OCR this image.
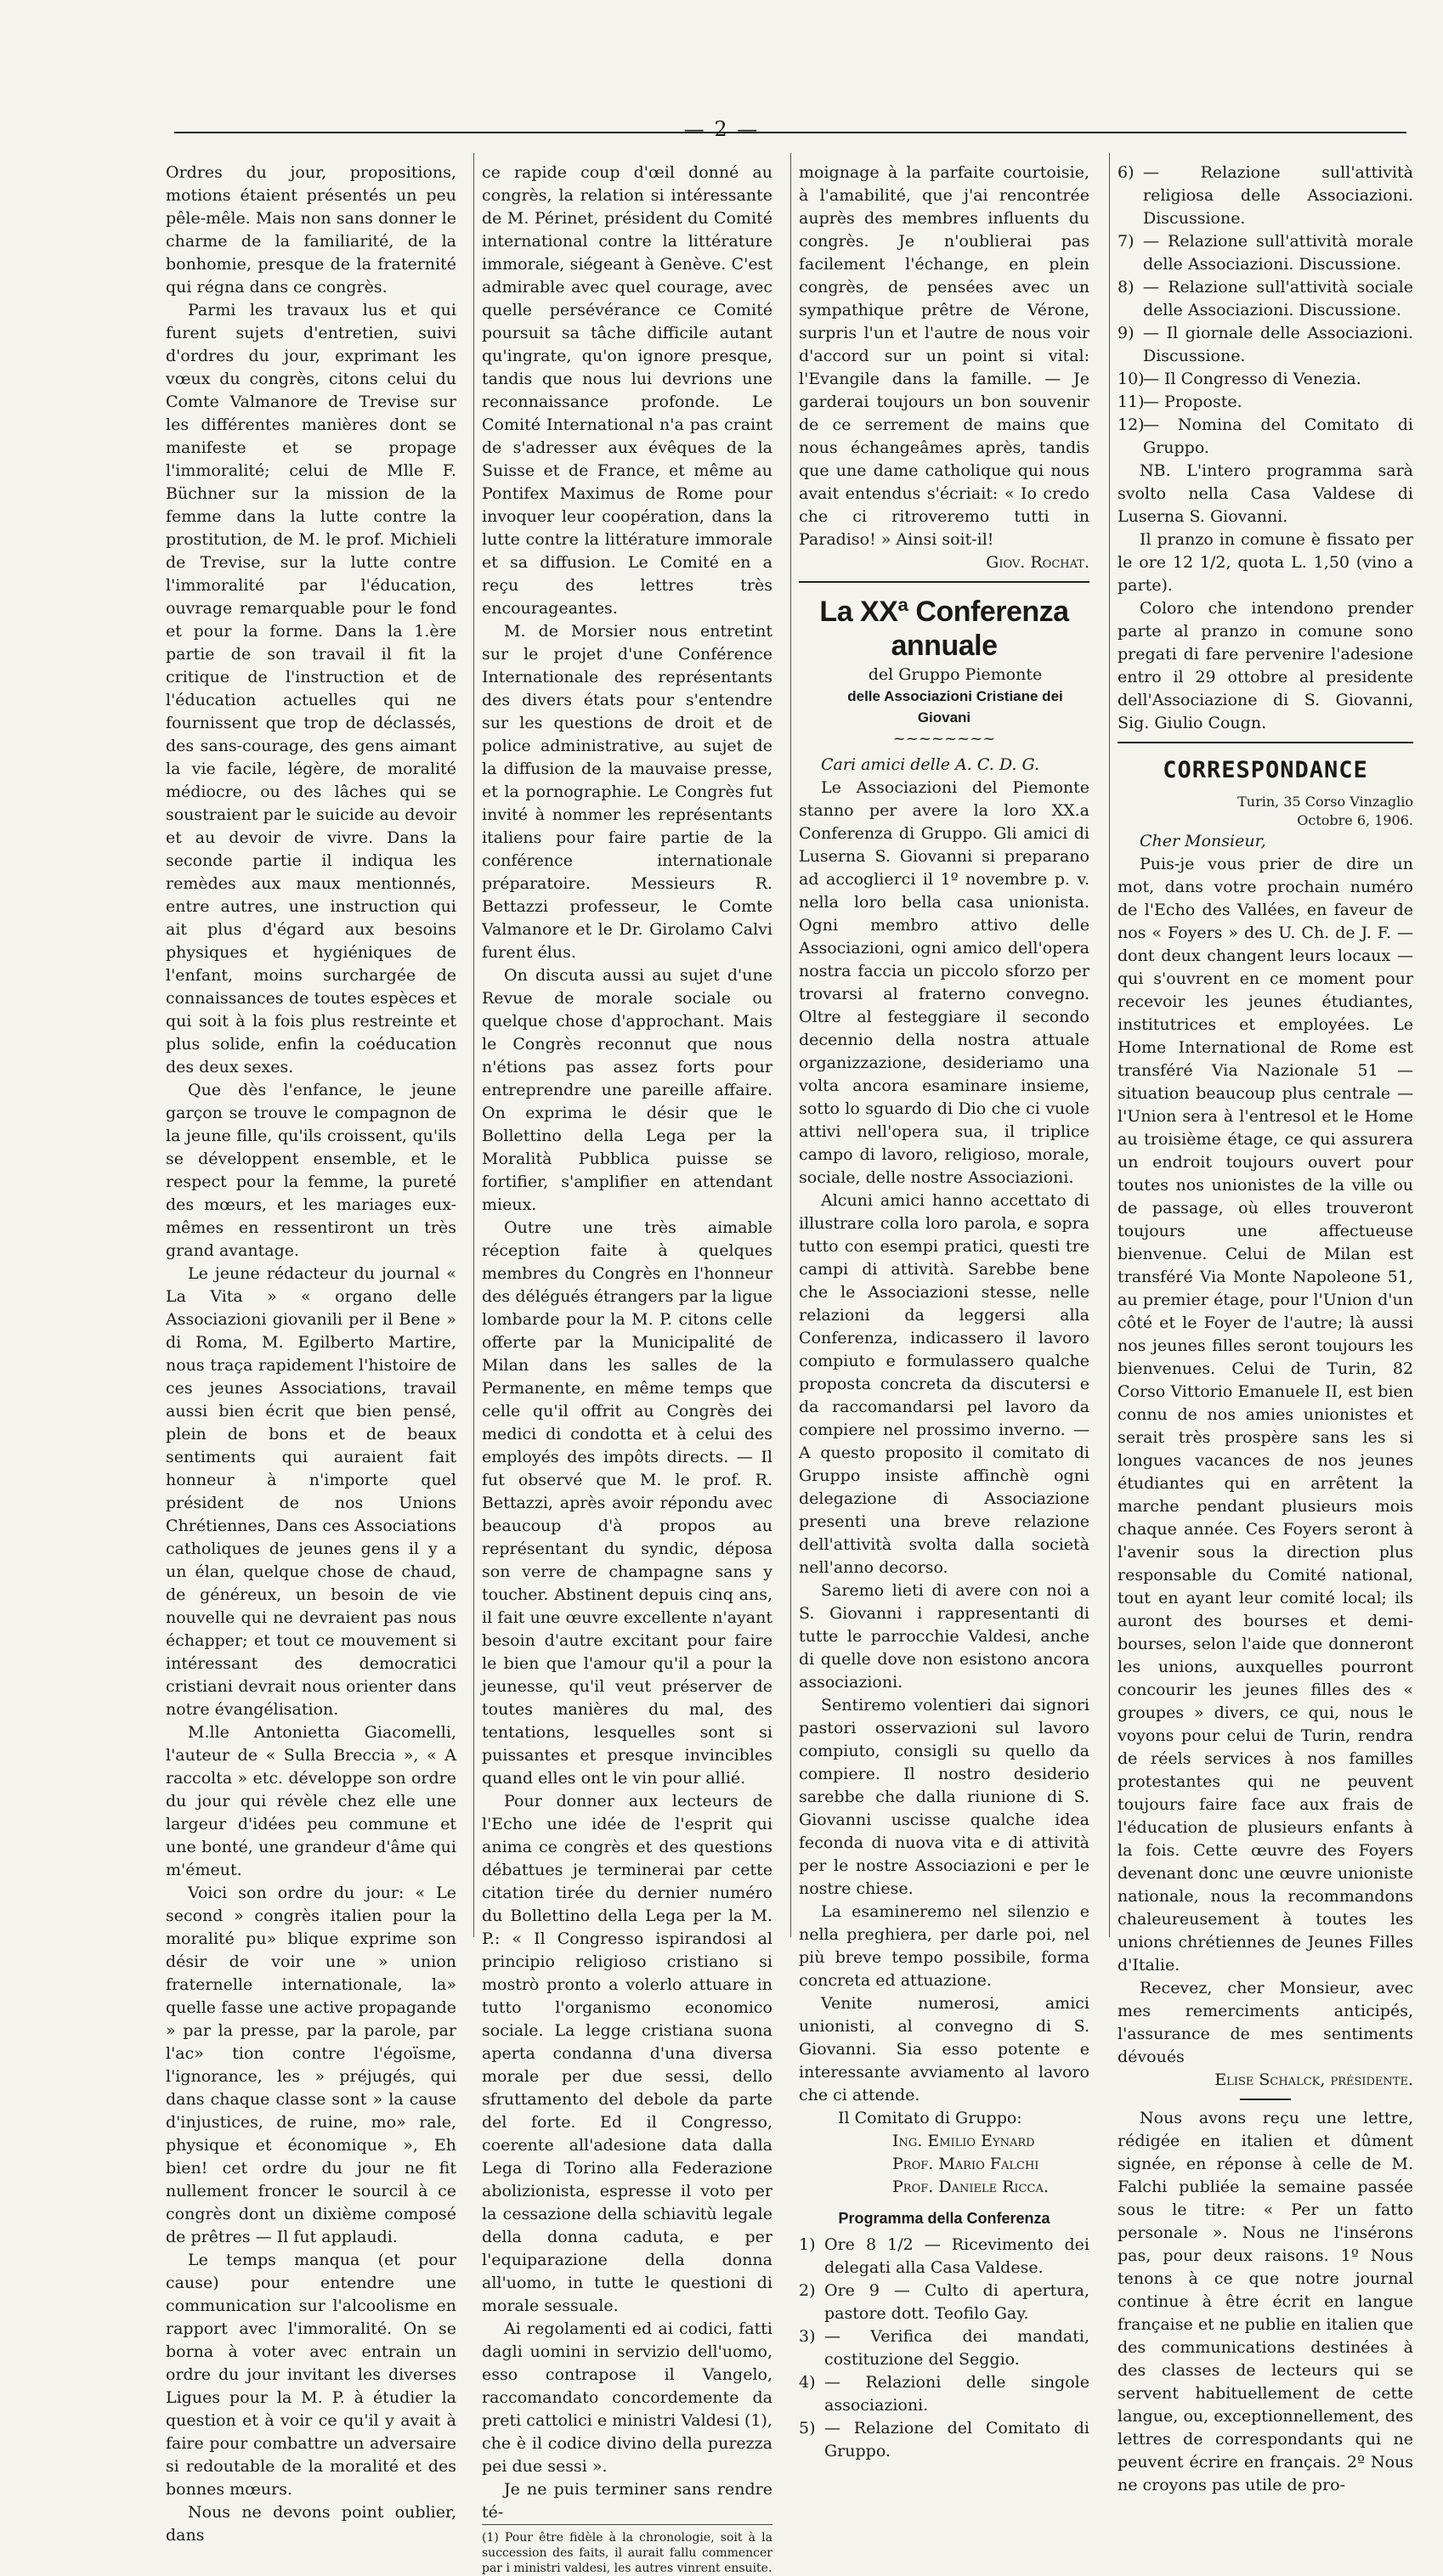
— 2 —

Ordres du jour, propositions, motions étaient présentés un peu pêle-mêle. Mais non sans donner le charme de la familiarité, de la bonhomie, presque de la fraternité qui régna dans ce congrès.

Parmi les travaux lus et qui furent sujets d'entretien, suivi d'ordres du jour, exprimant les vœux du congrès, citons celui du Comte Valmanore de Trevise sur les différentes manières dont se manifeste et se propage l'immoralité; celui de Mlle F. Büchner sur la mission de la femme dans la lutte contre la prostitution, de M. le prof. Michieli de Trevise, sur la lutte contre l'immoralité par l'éducation, ouvrage remarquable pour le fond et pour la forme. Dans la 1.ère partie de son travail il fit la critique de l'instruction et de l'éducation actuelles qui ne fournissent que trop de déclassés, des sans-courage, des gens aimant la vie facile, légère, de moralité médiocre, ou des lâches qui se soustraient par le suicide au devoir et au devoir de vivre. Dans la seconde partie il indiqua les remèdes aux maux mentionnés, entre autres, une instruction qui ait plus d'égard aux besoins physiques et hygiéniques de l'enfant, moins surchargée de connaissances de toutes espèces et qui soit à la fois plus restreinte et plus solide, enfin la coéducation des deux sexes.

Que dès l'enfance, le jeune garçon se trouve le compagnon de la jeune fille, qu'ils croissent, qu'ils se développent ensemble, et le respect pour la femme, la pureté des mœurs, et les mariages eux-mêmes en ressentiront un très grand avantage.

Le jeune rédacteur du journal « La Vita » « organo delle Associazioni giovanili per il Bene » di Roma, M. Egilberto Martire, nous traça rapidement l'histoire de ces jeunes Associations, travail aussi bien écrit que bien pensé, plein de bons et de beaux sentiments qui auraient fait honneur à n'importe quel président de nos Unions Chrétiennes, Dans ces Associations catholiques de jeunes gens il y a un élan, quelque chose de chaud, de généreux, un besoin de vie nouvelle qui ne devraient pas nous échapper; et tout ce mouvement si intéressant des democratici cristiani devrait nous orienter dans notre évangélisation.

M.lle Antonietta Giacomelli, l'auteur de « Sulla Breccia », « A raccolta » etc. développe son ordre du jour qui révèle chez elle une largeur d'idées peu commune et une bonté, une grandeur d'âme qui m'émeut.

Voici son ordre du jour: « Le second » congrès italien pour la moralité pu» blique exprime son désir de voir une » union fraternelle internationale, la» quelle fasse une active propagande » par la presse, par la parole, par l'ac» tion contre l'égoïsme, l'ignorance, les » préjugés, qui dans chaque classe sont » la cause d'injustices, de ruine, mo» rale, physique et économique », Eh bien! cet ordre du jour ne fit nullement froncer le sourcil à ce congrès dont un dixième composé de prêtres — Il fut applaudi.

Le temps manqua (et pour cause) pour entendre une communication sur l'alcoolisme en rapport avec l'immoralité. On se borna à voter avec entrain un ordre du jour invitant les diverses Ligues pour la M. P. à étudier la question et à voir ce qu'il y avait à faire pour combattre un adversaire si redoutable de la moralité et des bonnes mœurs.

Nous ne devons point oublier, dans

ce rapide coup d'œil donné au congrès, la relation si intéressante de M. Périnet, président du Comité international contre la littérature immorale, siégeant à Genève. C'est admirable avec quel courage, avec quelle persévérance ce Comité poursuit sa tâche difficile autant qu'ingrate, qu'on ignore presque, tandis que nous lui devrions une reconnaissance profonde. Le Comité International n'a pas craint de s'adresser aux évêques de la Suisse et de France, et même au Pontifex Maximus de Rome pour invoquer leur coopération, dans la lutte contre la littérature immorale et sa diffusion. Le Comité en a reçu des lettres très encourageantes.

M. de Morsier nous entretint sur le projet d'une Conférence Internationale des représentants des divers états pour s'entendre sur les questions de droit et de police administrative, au sujet de la diffusion de la mauvaise presse, et la pornographie. Le Congrès fut invité à nommer les représentants italiens pour faire partie de la conférence internationale préparatoire. Messieurs R. Bettazzi professeur, le Comte Valmanore et le Dr. Girolamo Calvi furent élus.

On discuta aussi au sujet d'une Revue de morale sociale ou quelque chose d'approchant. Mais le Congrès reconnut que nous n'étions pas assez forts pour entreprendre une pareille affaire. On exprima le désir que le Bollettino della Lega per la Moralità Pubblica puisse se fortifier, s'amplifier en attendant mieux.

Outre une très aimable réception faite à quelques membres du Congrès en l'honneur des délégués étrangers par la ligue lombarde pour la M. P. citons celle offerte par la Municipalité de Milan dans les salles de la Permanente, en même temps que celle qu'il offrit au Congrès dei medici di condotta et à celui des employés des impôts directs. — Il fut observé que M. le prof. R. Bettazzi, après avoir répondu avec beaucoup d'à propos au représentant du syndic, déposa son verre de champagne sans y toucher. Abstinent depuis cinq ans, il fait une œuvre excellente n'ayant besoin d'autre excitant pour faire le bien que l'amour qu'il a pour la jeunesse, qu'il veut préserver de toutes manières du mal, des tentations, lesquelles sont si puissantes et presque invincibles quand elles ont le vin pour allié.

Pour donner aux lecteurs de l'Echo une idée de l'esprit qui anima ce congrès et des questions débattues je terminerai par cette citation tirée du dernier numéro du Bollettino della Lega per la M. P.: « Il Congresso ispirandosi al principio religioso cristiano si mostrò pronto a volerlo attuare in tutto l'organismo economico sociale. La legge cristiana suona aperta condanna d'una diversa morale per due sessi, dello sfruttamento del debole da parte del forte. Ed il Congresso, coerente all'adesione data dalla Lega di Torino alla Federazione abolizionista, espresse il voto per la cessazione della schiavitù legale della donna caduta, e per l'equiparazione della donna all'uomo, in tutte le questioni di morale sessuale.

Ai regolamenti ed ai codici, fatti dagli uomini in servizio dell'uomo, esso contrapose il Vangelo, raccomandato concordemente da preti cattolici e ministri Valdesi (1), che è il codice divino della purezza pei due sessi ».

Je ne puis terminer sans rendre té-

(1) Pour être fidèle à la chronologie, soit à la succession des faits, il aurait fallu commencer par i ministri valdesi, les autres vinrent ensuite.

moignage à la parfaite courtoisie, à l'amabilité, que j'ai rencontrée auprès des membres influents du congrès. Je n'oublierai pas facilement l'échange, en plein congrès, de pensées avec un sympathique prêtre de Vérone, surpris l'un et l'autre de nous voir d'accord sur un point si vital: l'Evangile dans la famille. — Je garderai toujours un bon souvenir de ce serrement de mains que nous échangeâmes après, tandis que une dame catholique qui nous avait entendus s'écriait: « Io credo che ci ritroveremo tutti in Paradiso! » Ainsi soit-il!

Giov. Rochat.

La XXª Conferenza annuale

del Gruppo Piemonte

delle Associazioni Cristiane dei Giovani

~~~~~~~~

Cari amici delle A. C. D. G.

Le Associazioni del Piemonte stanno per avere la loro XX.a Conferenza di Gruppo. Gli amici di Luserna S. Giovanni si preparano ad accoglierci il 1º novembre p. v. nella loro bella casa unionista. Ogni membro attivo delle Associazioni, ogni amico dell'opera nostra faccia un piccolo sforzo per trovarsi al fraterno convegno. Oltre al festeggiare il secondo decennio della nostra attuale organizzazione, desideriamo una volta ancora esaminare insieme, sotto lo sguardo di Dio che ci vuole attivi nell'opera sua, il triplice campo di lavoro, religioso, morale, sociale, delle nostre Associazioni.

Alcuni amici hanno accettato di illustrare colla loro parola, e sopra tutto con esempi pratici, questi tre campi di attività. Sarebbe bene che le Associazioni stesse, nelle relazioni da leggersi alla Conferenza, indicassero il lavoro compiuto e formulassero qualche proposta concreta da discutersi e da raccomandarsi pel lavoro da compiere nel prossimo inverno. — A questo proposito il comitato di Gruppo insiste affinchè ogni delegazione di Associazione presenti una breve relazione dell'attività svolta dalla società nell'anno decorso.

Saremo lieti di avere con noi a S. Giovanni i rappresentanti di tutte le parrocchie Valdesi, anche di quelle dove non esistono ancora associazioni.

Sentiremo volentieri dai signori pastori osservazioni sul lavoro compiuto, consigli su quello da compiere. Il nostro desiderio sarebbe che dalla riunione di S. Giovanni uscisse qualche idea feconda di nuova vita e di attività per le nostre Associazioni e per le nostre chiese.

La esamineremo nel silenzio e nella preghiera, per darle poi, nel più breve tempo possibile, forma concreta ed attuazione.

Venite numerosi, amici unionisti, al convegno di S. Giovanni. Sia esso potente e interessante avviamento al lavoro che ci attende.

Il Comitato di Gruppo:

Ing. Emilio Eynard

Prof. Mario Falchi

Prof. Daniele Ricca.

Programma della Conferenza

1) Ore 8 1/2 — Ricevimento dei delegati alla Casa Valdese.

2) Ore 9 — Culto di apertura, pastore dott. Teofilo Gay.

3) — Verifica dei mandati, costituzione del Seggio.

4) — Relazioni delle singole associazioni.

5) — Relazione del Comitato di Gruppo.

6) — Relazione sull'attività religiosa delle Associazioni. Discussione.

7) — Relazione sull'attività morale delle Associazioni. Discussione.

8) — Relazione sull'attività sociale delle Associazioni. Discussione.

9) — Il giornale delle Associazioni. Discussione.

10)
— Il Congresso di Venezia.

11)
— Proposte.

12)
— Nomina del Comitato di Gruppo.

NB. L'intero programma sarà svolto nella Casa Valdese di Luserna S. Giovanni.

Il pranzo in comune è fissato per le ore 12 1/2, quota L. 1,50 (vino a parte).

Coloro che intendono prender parte al pranzo in comune sono pregati di fare pervenire l'adesione entro il 29 ottobre al presidente dell'Associazione di S. Giovanni, Sig. Giulio Cougn.

CORRESPONDANCE

Turin, 35 Corso Vinzaglio

Octobre 6, 1906.

Cher Monsieur,

Puis-je vous prier de dire un mot, dans votre prochain numéro de l'Echo des Vallées, en faveur de nos « Foyers » des U. Ch. de J. F. — dont deux changent leurs locaux — qui s'ouvrent en ce moment pour recevoir les jeunes étudiantes, institutrices et employées. Le Home International de Rome est transféré Via Nazionale 51 — situation beaucoup plus centrale — l'Union sera à l'entresol et le Home au troisième étage, ce qui assurera un endroit toujours ouvert pour toutes nos unionistes de la ville ou de passage, où elles trouveront toujours une affectueuse bienvenue. Celui de Milan est transféré Via Monte Napoleone 51, au premier étage, pour l'Union d'un côté et le Foyer de l'autre; là aussi nos jeunes filles seront toujours les bienvenues. Celui de Turin, 82 Corso Vittorio Emanuele II, est bien connu de nos amies unionistes et serait très prospère sans les si longues vacances de nos jeunes étudiantes qui en arrêtent la marche pendant plusieurs mois chaque année. Ces Foyers seront à l'avenir sous la direction plus responsable du Comité national, tout en ayant leur comité local; ils auront des bourses et demi-bourses, selon l'aide que donneront les unions, auxquelles pourront concourir les jeunes filles des « groupes » divers, ce qui, nous le voyons pour celui de Turin, rendra de réels services à nos familles protestantes qui ne peuvent toujours faire face aux frais de l'éducation de plusieurs enfants à la fois. Cette œuvre des Foyers devenant donc une œuvre unioniste nationale, nous la recommandons chaleureusement à toutes les unions chrétiennes de Jeunes Filles d'Italie.

Recevez, cher Monsieur, avec mes remerciments anticipés, l'assurance de mes sentiments dévoués

Elise Schalck, présidente.

Nous avons reçu une lettre, rédigée en italien et dûment signée, en réponse à celle de M. Falchi publiée la semaine passée sous le titre: « Per un fatto personale ». Nous ne l'insérons pas, pour deux raisons. 1º Nous tenons à ce que notre journal continue à être écrit en langue française et ne publie en italien que des communications destinées à des classes de lecteurs qui se servent habituellement de cette langue, ou, exceptionnellement, des lettres de correspondants qui ne peuvent écrire en français. 2º Nous ne croyons pas utile de pro-
